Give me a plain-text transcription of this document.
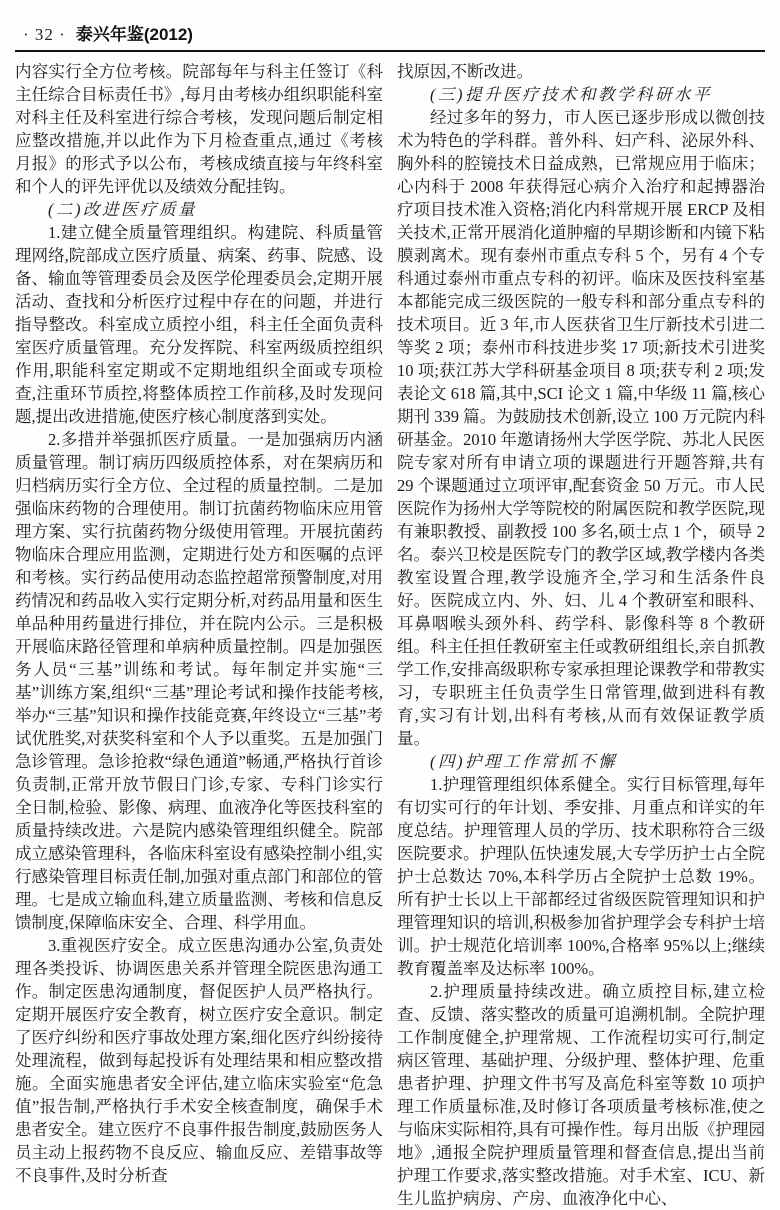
· 32 · 泰兴年鉴(2012)

内容实行全方位考核。院部每年与科主任签订《科主任综合目标责任书》,每月由考核办组织职能科室对科主任及科室进行综合考核，发现问题后制定相应整改措施,并以此作为下月检查重点,通过《考核月报》的形式予以公布，考核成绩直接与年终科室和个人的评先评优以及绩效分配挂钩。

(二)改进医疗质量

1.建立健全质量管理组织。构建院、科质量管理网络,院部成立医疗质量、病案、药事、院感、设备、输血等管理委员会及医学伦理委员会,定期开展活动、查找和分析医疗过程中存在的问题，并进行指导整改。科室成立质控小组，科主任全面负责科室医疗质量管理。充分发挥院、科室两级质控组织作用,职能科室定期或不定期地组织全面或专项检查,注重环节质控,将整体质控工作前移,及时发现问题,提出改进措施,使医疗核心制度落到实处。

2.多措并举强抓医疗质量。一是加强病历内涵质量管理。制订病历四级质控体系，对在架病历和归档病历实行全方位、全过程的质量控制。二是加强临床药物的合理使用。制订抗菌药物临床应用管理方案、实行抗菌药物分级使用管理。开展抗菌药物临床合理应用监测，定期进行处方和医嘱的点评和考核。实行药品使用动态监控超常预警制度,对用药情况和药品收入实行定期分析,对药品用量和医生单品种用药量进行排位，并在院内公示。三是积极开展临床路径管理和单病种质量控制。四是加强医务人员“三基”训练和考试。每年制定并实施“三基”训练方案,组织“三基”理论考试和操作技能考核,举办“三基”知识和操作技能竞赛,年终设立“三基”考试优胜奖,对获奖科室和个人予以重奖。五是加强门急诊管理。急诊抢救“绿色通道”畅通,严格执行首诊负责制,正常开放节假日门诊,专家、专科门诊实行全日制,检验、影像、病理、血液净化等医技科室的质量持续改进。六是院内感染管理组织健全。院部成立感染管理科，各临床科室设有感染控制小组,实行感染管理目标责任制,加强对重点部门和部位的管理。七是成立输血科,建立质量监测、考核和信息反馈制度,保障临床安全、合理、科学用血。

3.重视医疗安全。成立医患沟通办公室,负责处理各类投诉、协调医患关系并管理全院医患沟通工作。制定医患沟通制度，督促医护人员严格执行。定期开展医疗安全教育，树立医疗安全意识。制定了医疗纠纷和医疗事故处理方案,细化医疗纠纷接待处理流程，做到每起投诉有处理结果和相应整改措施。全面实施患者安全评估,建立临床实验室“危急值”报告制,严格执行手术安全核查制度，确保手术患者安全。建立医疗不良事件报告制度,鼓励医务人员主动上报药物不良反应、输血反应、差错事故等不良事件,及时分析查

找原因,不断改进。

(三)提升医疗技术和教学科研水平

经过多年的努力，市人医已逐步形成以微创技术为特色的学科群。普外科、妇产科、泌尿外科、胸外科的腔镜技术日益成熟，已常规应用于临床；心内科于 2008 年获得冠心病介入治疗和起搏器治疗项目技术准入资格;消化内科常规开展 ERCP 及相关技术,正常开展消化道肿瘤的早期诊断和内镜下粘膜剥离术。现有泰州市重点专科 5 个，另有 4 个专科通过泰州市重点专科的初评。临床及医技科室基本都能完成三级医院的一般专科和部分重点专科的技术项目。近 3 年,市人医获省卫生厅新技术引进二等奖 2 项；泰州市科技进步奖 17 项;新技术引进奖 10 项;获江苏大学科研基金项目 8 项;获专利 2 项;发表论文 618 篇,其中,SCI 论文 1 篇,中华级 11 篇,核心期刊 339 篇。为鼓励技术创新,设立 100 万元院内科研基金。2010 年邀请扬州大学医学院、苏北人民医院专家对所有申请立项的课题进行开题答辩,共有 29 个课题通过立项评审,配套资金 50 万元。市人民医院作为扬州大学等院校的附属医院和教学医院,现有兼职教授、副教授 100 多名,硕士点 1 个，硕导 2 名。泰兴卫校是医院专门的教学区域,教学楼内各类教室设置合理,教学设施齐全,学习和生活条件良好。医院成立内、外、妇、儿 4 个教研室和眼科、耳鼻咽喉头颈外科、药学科、影像科等 8 个教研组。科主任担任教研室主任或教研组组长,亲自抓教学工作,安排高级职称专家承担理论课教学和带教实习，专职班主任负责学生日常管理,做到进科有教育,实习有计划,出科有考核,从而有效保证教学质量。

(四)护理工作常抓不懈

1.护理管理组织体系健全。实行目标管理,每年有切实可行的年计划、季安排、月重点和详实的年度总结。护理管理人员的学历、技术职称符合三级医院要求。护理队伍快速发展,大专学历护士占全院护士总数达 70%,本科学历占全院护士总数 19%。所有护士长以上干部都经过省级医院管理知识和护理管理知识的培训,积极参加省护理学会专科护士培训。护士规范化培训率 100%,合格率 95%以上;继续教育覆盖率及达标率 100%。

2.护理质量持续改进。确立质控目标,建立检查、反馈、落实整改的质量可追溯机制。全院护理工作制度健全,护理常规、工作流程切实可行,制定病区管理、基础护理、分级护理、整体护理、危重患者护理、护理文件书写及高危科室等数 10 项护理工作质量标准,及时修订各项质量考核标准,使之与临床实际相符,具有可操作性。每月出版《护理园地》,通报全院护理质量管理和督查信息,提出当前护理工作要求,落实整改措施。对手术室、ICU、新生儿监护病房、产房、血液净化中心、
